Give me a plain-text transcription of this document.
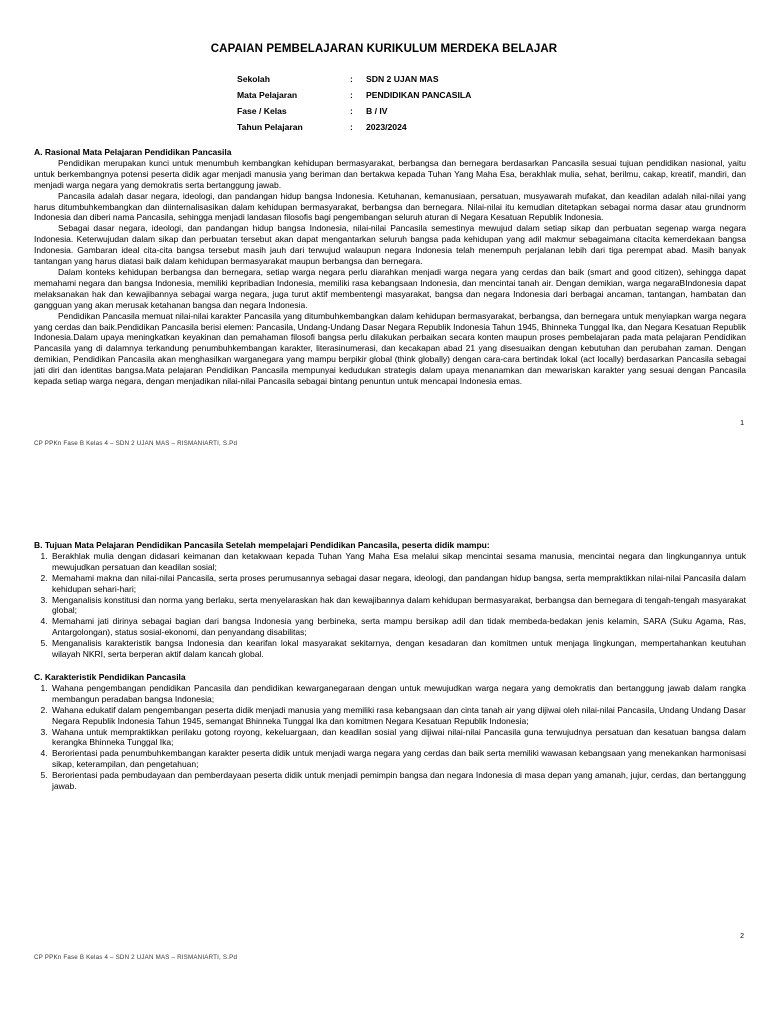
CAPAIAN PEMBELAJARAN KURIKULUM MERDEKA BELAJAR
Sekolah	:	SDN 2 UJAN MAS
Mata Pelajaran	:	PENDIDIKAN PANCASILA
Fase / Kelas	:	B / IV
Tahun Pelajaran	:	2023/2024

A. Rasional Mata Pelajaran Pendidikan Pancasila

Pendidikan merupakan kunci untuk menumbuh kembangkan kehidupan bermasyarakat, berbangsa dan bernegara berdasarkan Pancasila sesuai tujuan pendidikan nasional, yaitu untuk berkembangnya potensi peserta didik agar menjadi manusia yang beriman dan bertakwa kepada Tuhan Yang Maha Esa, berakhlak mulia, sehat, berilmu, cakap, kreatif, mandiri, dan menjadi warga negara yang demokratis serta bertanggung jawab.

Pancasila adalah dasar negara, ideologi, dan pandangan hidup bangsa Indonesia. Ketuhanan, kemanusiaan, persatuan, musyawarah mufakat, dan keadilan adalah nilai-nilai yang harus ditumbuhkembangkan dan diinternalisasikan dalam kehidupan bermasyarakat, berbangsa dan bernegara. Nilai-nilai itu kemudian ditetapkan sebagai norma dasar atau grundnorm Indonesia dan diberi nama Pancasila, sehingga menjadi landasan filosofis bagi pengembangan seluruh aturan di Negara Kesatuan Republik Indonesia.

Sebagai dasar negara, ideologi, dan pandangan hidup bangsa Indonesia, nilai-nilai Pancasila semestinya mewujud dalam setiap sikap dan perbuatan segenap warga negara Indonesia. Keterwujudan dalam sikap dan perbuatan tersebut akan dapat mengantarkan seluruh bangsa pada kehidupan yang adil makmur sebagaimana citacita kemerdekaan bangsa Indonesia. Gambaran ideal cita-cita bangsa tersebut masih jauh dari terwujud walaupun negara Indonesia telah menempuh perjalanan lebih dari tiga perempat abad. Masih banyak tantangan yang harus diatasi baik dalam kehidupan bermasyarakat maupun berbangsa dan bernegara.

Dalam konteks kehidupan berbangsa dan bernegara, setiap warga negara perlu diarahkan menjadi warga negara yang cerdas dan baik (smart and good citizen), sehingga dapat memahami negara dan bangsa Indonesia, memiliki kepribadian Indonesia, memiliki rasa kebangsaan Indonesia, dan mencintai tanah air. Dengan demikian, warga negaraBIndonesia dapat melaksanakan hak dan kewajibannya sebagai warga negara, juga turut aktif membentengi masyarakat, bangsa dan negara Indonesia dari berbagai ancaman, tantangan, hambatan dan gangguan yang akan merusak ketahanan bangsa dan negara Indonesia.

Pendidikan Pancasila memuat nilai-nilai karakter Pancasila yang ditumbuhkembangkan dalam kehidupan bermasyarakat, berbangsa, dan bernegara untuk menyiapkan warga negara yang cerdas dan baik.Pendidikan Pancasila berisi elemen: Pancasila, Undang-Undang Dasar Negara Republik Indonesia Tahun 1945, Bhinneka Tunggal Ika, dan Negara Kesatuan Republik Indonesia.Dalam upaya meningkatkan keyakinan dan pemahaman filosofi bangsa perlu dilakukan perbaikan secara konten maupun proses pembelajaran pada mata pelajaran Pendidikan Pancasila yang di dalamnya terkandung penumbuhkembangan karakter, literasinumerasi, dan kecakapan abad 21 yang disesuaikan dengan kebutuhan dan perubahan zaman. Dengan demikian, Pendidikan Pancasila akan menghasilkan warganegara yang mampu berpikir global (think globally) dengan cara-cara bertindak lokal (act locally) berdasarkan Pancasila sebagai jati diri dan identitas bangsa.Mata pelajaran Pendidikan Pancasila mempunyai kedudukan strategis dalam upaya menanamkan dan mewariskan karakter yang sesuai dengan Pancasila kepada setiap warga negara, dengan menjadikan nilai-nilai Pancasila sebagai bintang penuntun untuk mencapai Indonesia emas.

1
CP PPKn Fase B Kelas 4 – SDN 2 UJAN MAS – RISMANIARTI, S.Pd

B. Tujuan Mata Pelajaran Pendidikan Pancasila Setelah mempelajari Pendidikan Pancasila, peserta didik mampu:

1. Berakhlak mulia dengan didasari keimanan dan ketakwaan kepada Tuhan Yang Maha Esa melalui sikap mencintai sesama manusia, mencintai negara dan lingkungannya untuk mewujudkan persatuan dan keadilan sosial;
2. Memahami makna dan nilai-nilai Pancasila, serta proses perumusannya sebagai dasar negara, ideologi, dan pandangan hidup bangsa, serta mempraktikkan nilai-nilai Pancasila dalam kehidupan sehari-hari;
3. Menganalisis konstitusi dan norma yang berlaku, serta menyelaraskan hak dan kewajibannya dalam kehidupan bermasyarakat, berbangsa dan bernegara di tengah-tengah masyarakat global;
4. Memahami jati dirinya sebagai bagian dari bangsa Indonesia yang berbineka, serta mampu bersikap adil dan tidak membeda-bedakan jenis kelamin, SARA (Suku Agama, Ras, Antargolongan), status sosial-ekonomi, dan penyandang disabilitas;
5. Menganalisis karakteristik bangsa Indonesia dan kearifan lokal masyarakat sekitarnya, dengan kesadaran dan komitmen untuk menjaga lingkungan, mempertahankan keutuhan wilayah NKRI, serta berperan aktif dalam kancah global.

C. Karakteristik Pendidikan Pancasila

1. Wahana pengembangan pendidikan Pancasila dan pendidikan kewarganegaraan dengan untuk mewujudkan warga negara yang demokratis dan bertanggung jawab dalam rangka membangun peradaban bangsa Indonesia;
2. Wahana edukatif dalam pengembangan peserta didik menjadi manusia yang memiliki rasa kebangsaan dan cinta tanah air yang dijiwai oleh nilai-nilai Pancasila, Undang Undang Dasar Negara Republik Indonesia Tahun 1945, semangat Bhinneka Tunggal Ika dan komitmen Negara Kesatuan Republik Indonesia;
3. Wahana untuk mempraktikkan perilaku gotong royong, kekeluargaan, dan keadilan sosial yang dijiwai nilai-nilai Pancasila guna terwujudnya persatuan dan kesatuan bangsa dalam kerangka Bhinneka Tunggal Ika;
4. Berorientasi pada penumbuhkembangan karakter peserta didik untuk menjadi warga negara yang cerdas dan baik serta memiliki wawasan kebangsaan yang menekankan harmonisasi sikap, keterampilan, dan pengetahuan;
5. Berorientasi pada pembudayaan dan pemberdayaan peserta didik untuk menjadi pemimpin bangsa dan negara Indonesia di masa depan yang amanah, jujur, cerdas, dan bertanggung jawab.
2
CP PPKn Fase B Kelas 4 – SDN 2 UJAN MAS – RISMANIARTI, S.Pd
